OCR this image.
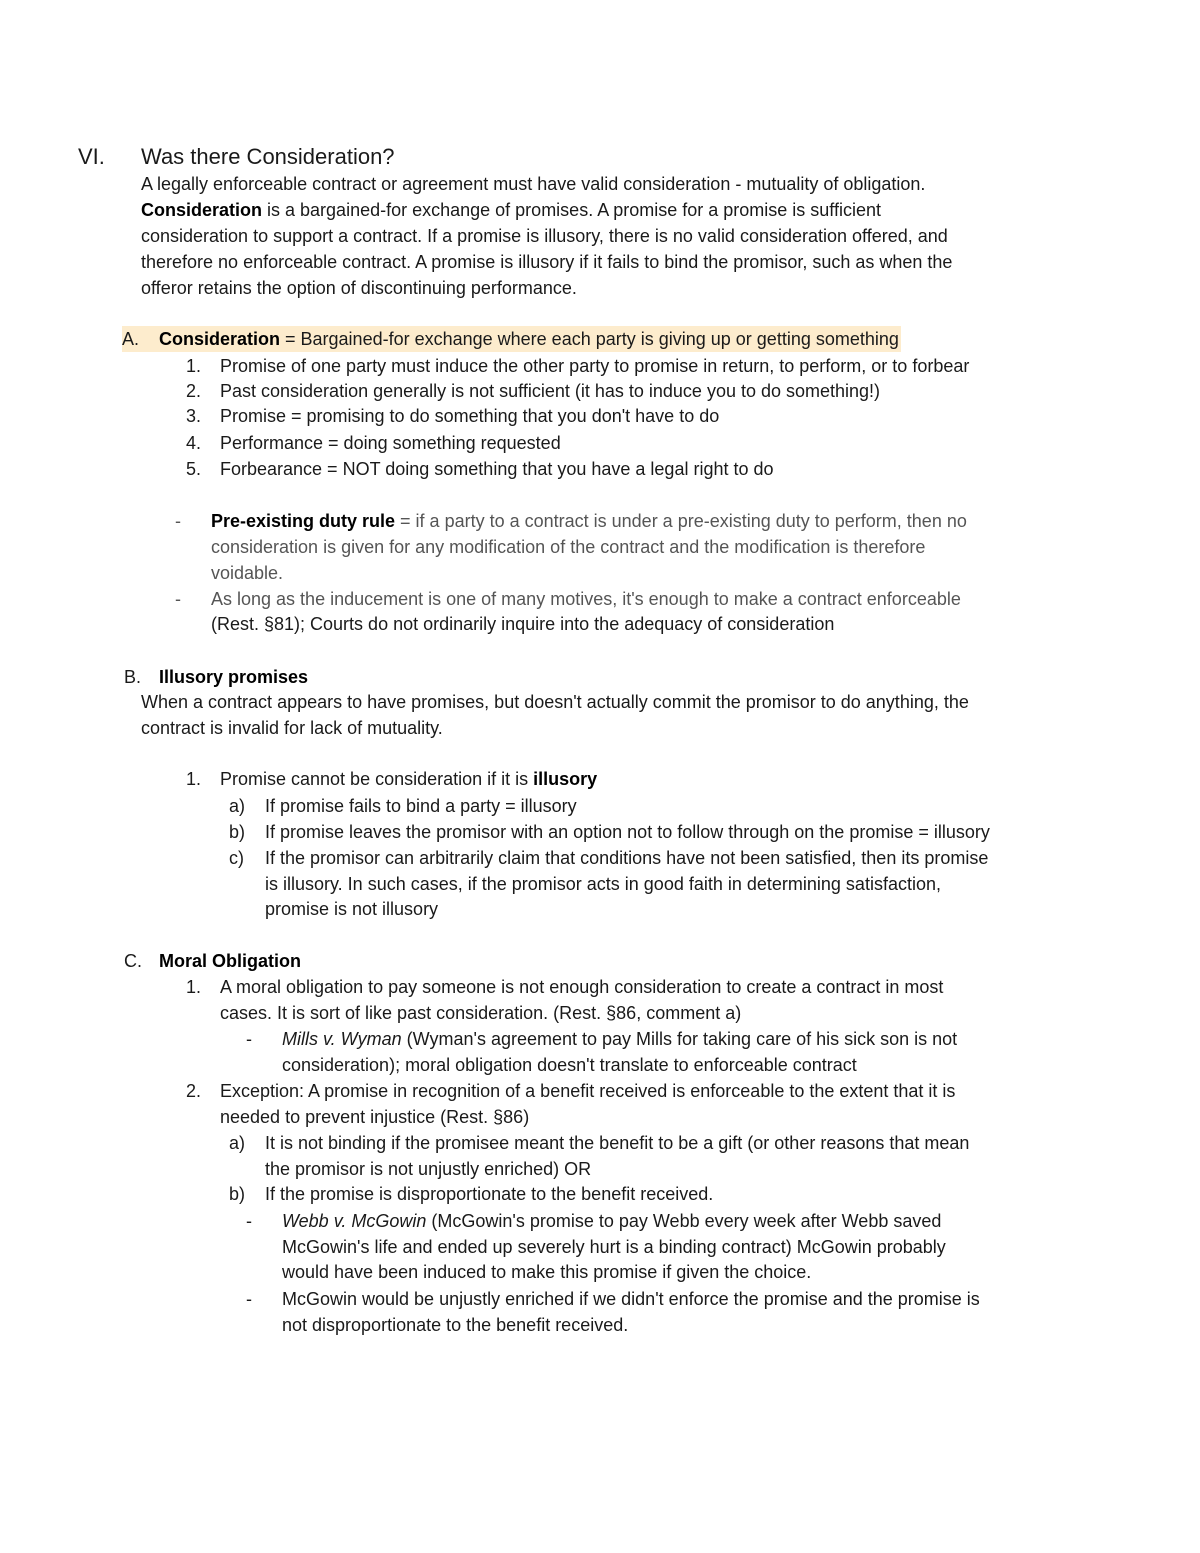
VI. Was there Consideration?
A legally enforceable contract or agreement must have valid consideration - mutuality of obligation.
Consideration is a bargained-for exchange of promises. A promise for a promise is sufficient
consideration to support a contract. If a promise is illusory, there is no valid consideration offered, and
therefore no enforceable contract. A promise is illusory if it fails to bind the promisor, such as when the
offeror retains the option of discontinuing performance.
A. Consideration = Bargained-for exchange where each party is giving up or getting something
1. Promise of one party must induce the other party to promise in return, to perform, or to forbear
2. Past consideration generally is not sufficient (it has to induce you to do something!)
3. Promise = promising to do something that you don't have to do
4. Performance = doing something requested
5. Forbearance = NOT doing something that you have a legal right to do
- Pre-existing duty rule = if a party to a contract is under a pre-existing duty to perform, then no
consideration is given for any modification of the contract and the modification is therefore
voidable.
- As long as the inducement is one of many motives, it's enough to make a contract enforceable
(Rest. §81); Courts do not ordinarily inquire into the adequacy of consideration
B. Illusory promises
When a contract appears to have promises, but doesn't actually commit the promisor to do anything, the
contract is invalid for lack of mutuality.
1. Promise cannot be consideration if it is illusory
a) If promise fails to bind a party = illusory
b) If promise leaves the promisor with an option not to follow through on the promise = illusory
c) If the promisor can arbitrarily claim that conditions have not been satisfied, then its promise
is illusory. In such cases, if the promisor acts in good faith in determining satisfaction,
promise is not illusory
C. Moral Obligation
1. A moral obligation to pay someone is not enough consideration to create a contract in most
cases. It is sort of like past consideration. (Rest. §86, comment a)
- Mills v. Wyman (Wyman's agreement to pay Mills for taking care of his sick son is not
consideration); moral obligation doesn't translate to enforceable contract
2. Exception: A promise in recognition of a benefit received is enforceable to the extent that it is
needed to prevent injustice (Rest. §86)
a) It is not binding if the promisee meant the benefit to be a gift (or other reasons that mean
the promisor is not unjustly enriched) OR
b) If the promise is disproportionate to the benefit received.
- Webb v. McGowin (McGowin's promise to pay Webb every week after Webb saved
McGowin's life and ended up severely hurt is a binding contract) McGowin probably
would have been induced to make this promise if given the choice.
- McGowin would be unjustly enriched if we didn't enforce the promise and the promise is
not disproportionate to the benefit received.
